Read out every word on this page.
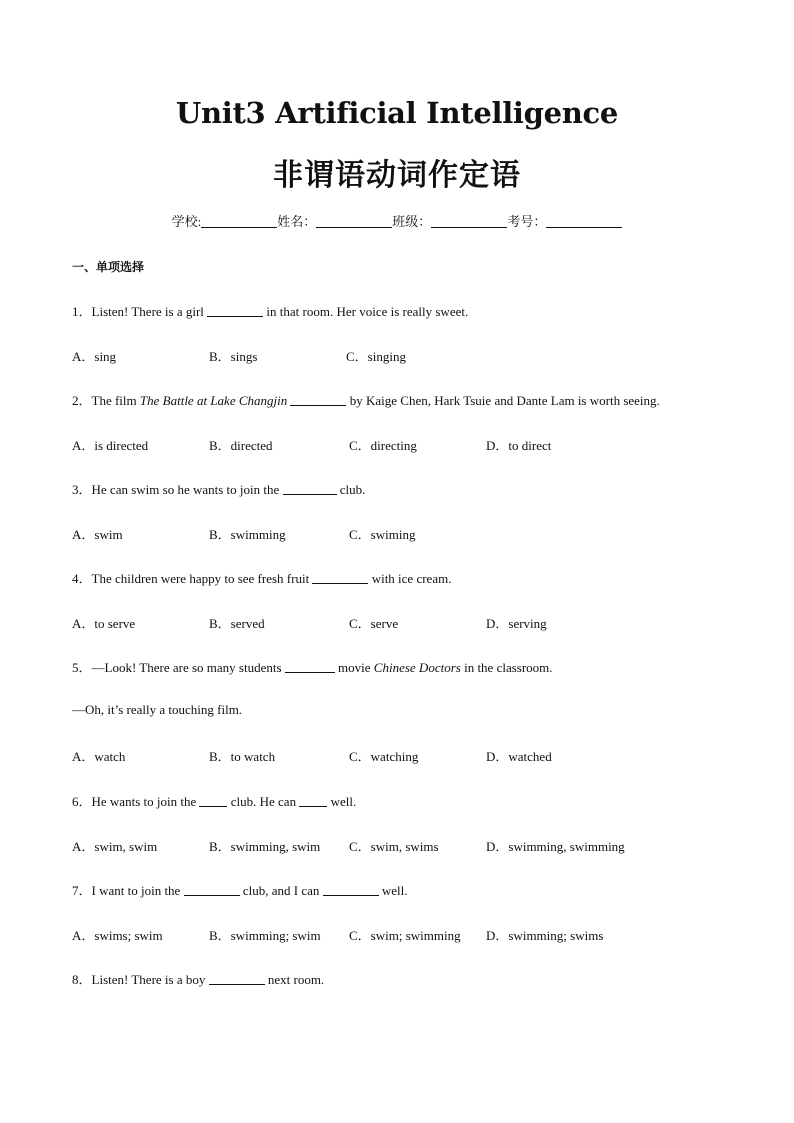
Unit3 Artificial Intelligence
非谓语动词作定语
学校:	姓名：	班级：	考号：
一、单项选择
1．Listen! There is a girl	in that room. Her voice is really sweet.
A．sing	B．sings	C．singing
2．The film The Battle at Lake Changjin	by Kaige Chen, Hark Tsuie and Dante Lam is worth seeing.
A．is directed	B．directed	C．directing	D．to direct
3．He can swim so he wants to join the	club.
A．swim	B．swimming	C．swiming
4．The children were happy to see fresh fruit	with ice cream.
A．to serve	B．served	C．serve	D．serving
5．—Look! There are so many students	movie Chinese Doctors in the classroom.
—Oh, it’s really a touching film.
A．watch	B．to watch	C．watching	D．watched
6．He wants to join the	club. He can	well.
A．swim, swim	B．swimming, swim C．swim, swims	D．swimming, swimming
7．I want to join the	club, and I can	well.
A．swims; swim	B．swimming; swim C．swim; swimming D．swimming; swims
8．Listen! There is a boy	next room.
